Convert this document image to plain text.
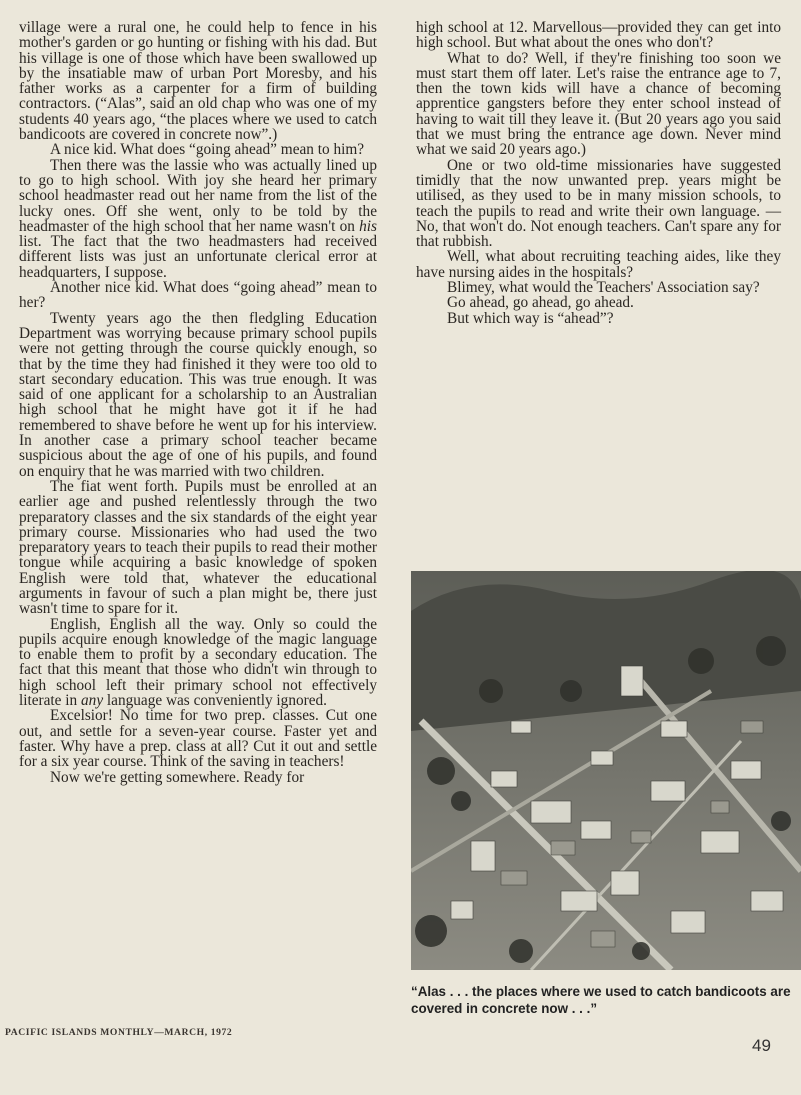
village were a rural one, he could help to fence in his mother's garden or go hunting or fishing with his dad. But his village is one of those which have been swallowed up by the insatiable maw of urban Port Moresby, and his father works as a carpenter for a firm of building contractors. (“Alas”, said an old chap who was one of my students 40 years ago, “the places where we used to catch bandicoots are covered in concrete now”.)

A nice kid. What does “going ahead” mean to him?

Then there was the lassie who was actually lined up to go to high school. With joy she heard her primary school headmaster read out her name from the list of the lucky ones. Off she went, only to be told by the headmaster of the high school that her name wasn't on his list. The fact that the two headmasters had received different lists was just an unfortunate clerical error at headquarters, I suppose.

Another nice kid. What does “going ahead” mean to her?

Twenty years ago the then fledgling Education Department was worrying because primary school pupils were not getting through the course quickly enough, so that by the time they had finished it they were too old to start secondary education. This was true enough. It was said of one applicant for a scholarship to an Australian high school that he might have got it if he had remembered to shave before he went up for his interview. In another case a primary school teacher became suspicious about the age of one of his pupils, and found on enquiry that he was married with two children.

The fiat went forth. Pupils must be enrolled at an earlier age and pushed relentlessly through the two preparatory classes and the six standards of the eight year primary course. Missionaries who had used the two preparatory years to teach their pupils to read their mother tongue while acquiring a basic knowledge of spoken English were told that, whatever the educational arguments in favour of such a plan might be, there just wasn't time to spare for it.

English, English all the way. Only so could the pupils acquire enough knowledge of the magic language to enable them to profit by a secondary education. The fact that this meant that those who didn't win through to high school left their primary school not effectively literate in any language was conveniently ignored.

Excelsior! No time for two prep. classes. Cut one out, and settle for a seven-year course. Faster yet and faster. Why have a prep. class at all? Cut it out and settle for a six year course. Think of the saving in teachers!

Now we're getting somewhere. Ready for

high school at 12. Marvellous—provided they can get into high school. But what about the ones who don't?

What to do? Well, if they're finishing too soon we must start them off later. Let's raise the entrance age to 7, then the town kids will have a chance of becoming apprentice gangsters before they enter school instead of having to wait till they leave it. (But 20 years ago you said that we must bring the entrance age down. Never mind what we said 20 years ago.)

One or two old-time missionaries have suggested timidly that the now unwanted prep. years might be utilised, as they used to be in many mission schools, to teach the pupils to read and write their own language. — No, that won't do. Not enough teachers. Can't spare any for that rubbish.

Well, what about recruiting teaching aides, like they have nursing aides in the hospitals?

Blimey, what would the Teachers' Association say?

Go ahead, go ahead, go ahead.

But which way is “ahead”?

“Alas . . . the places where we used to catch bandicoots are covered in concrete now . . .”
PACIFIC ISLANDS MONTHLY—MARCH, 1972
49
